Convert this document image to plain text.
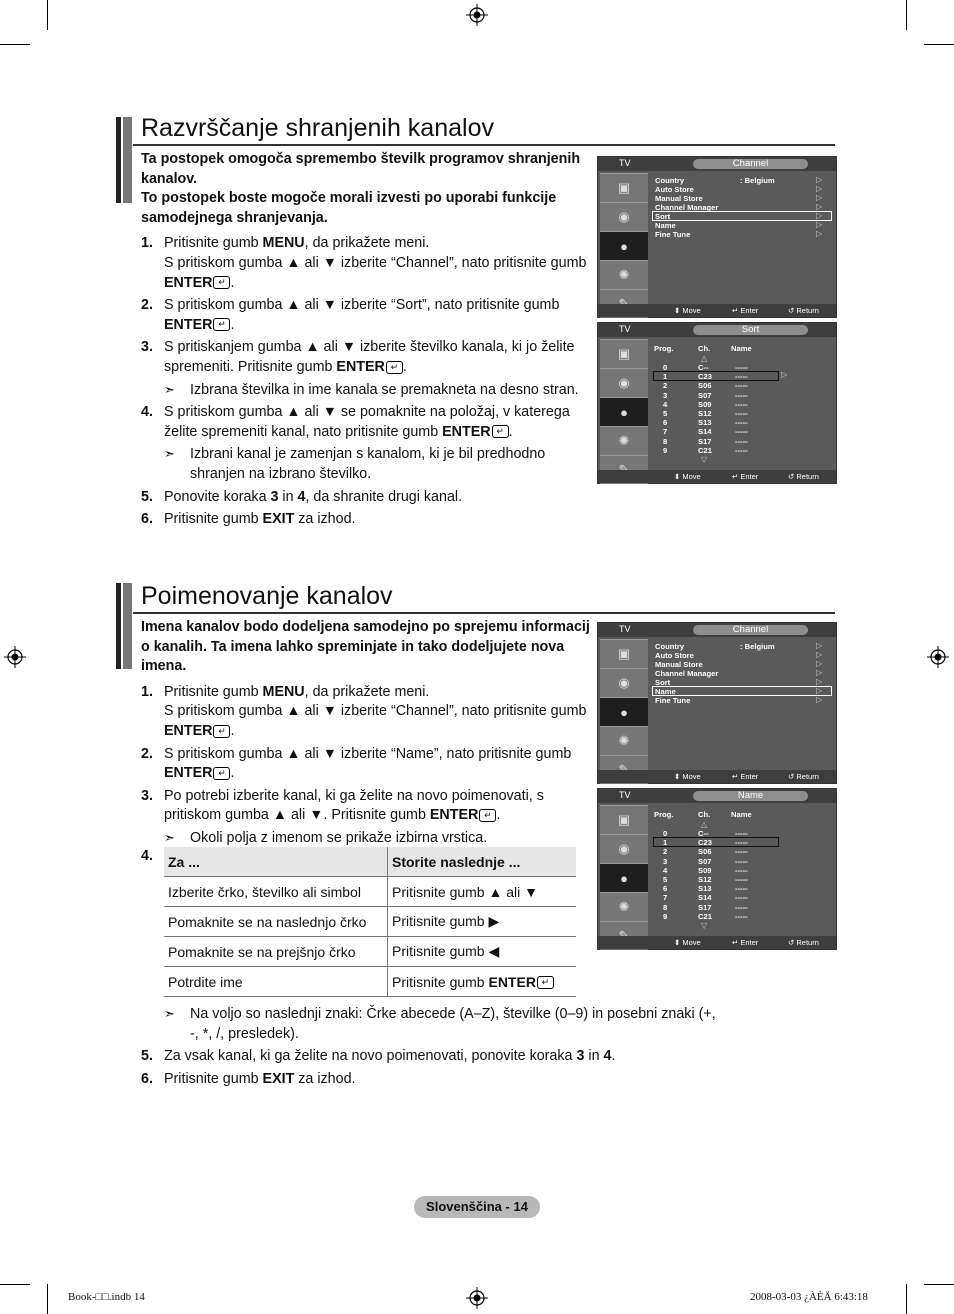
Razvrščanje shranjenih kanalov

Ta postopek omogoča spremembo številk programov shranjenih kanalov.

To postopek boste mogoče morali izvesti po uporabi funkcije samodejnega shranjevanja.

1. Pritisnite gumb MENU, da prikažete meni.
S pritiskom gumba ▲ ali ▼ izberite “Channel”, nato pritisnite gumb ENTER ↵ .
2. S pritiskom gumba ▲ ali ▼ izberite “Sort”, nato pritisnite gumb ENTER ↵ .
3. S pritiskanjem gumba ▲ ali ▼ izberite številko kanala, ki jo želite spremeniti. Pritisnite gumb ENTER ↵ .
➣ Izbrana številka in ime kanala se premakneta na desno stran.
4. S pritiskom gumba ▲ ali ▼ se pomaknite na položaj, v katerega želite spremeniti kanal, nato pritisnite gumb ENTER ↵ .
➣ Izbrani kanal je zamenjan s kanalom, ki je bil predhodno shranjen na izbrano številko.
5. Ponovite koraka 3 in 4, da shranite drugi kanal.
6. Pritisnite gumb EXIT za izhod.
Poimenovanje kanalov

Imena kanalov bodo dodeljena samodejno po sprejemu informacij o kanalih. Ta imena lahko spreminjate in tako dodeljujete nova imena.

1. Pritisnite gumb MENU, da prikažete meni.
S pritiskom gumba ▲ ali ▼ izberite “Channel”, nato pritisnite gumb ENTER ↵ .
2. S pritiskom gumba ▲ ali ▼ izberite “Name”, nato pritisnite gumb ENTER ↵ .
3. Po potrebi izberite kanal, ki ga želite na novo poimenovati, s pritiskom gumba ▲ ali ▼. Pritisnite gumb ENTER ↵ .
➣ Okoli polja z imenom se prikaže izbirna vrstica.
4. Za ...	Storite naslednje ...
Izberite črko, številko ali simbol	Pritisnite gumb ▲ ali ▼
Pomaknite se na naslednjo črko	Pritisnite gumb ▶
Pomaknite se na prejšnjo črko	Pritisnite gumb ◀
Potrdite ime	Pritisnite gumb ENTER ↵
➣ Na voljo so naslednji znaki: Črke abecede (A–Z), številke (0–9) in posebni znaki (+, -, *, /, presledek).
5. Za vsak kanal, ki ga želite na novo poimenovati, ponovite koraka 3 in 4.
6. Pritisnite gumb EXIT za izhod.
TV	Channel
▣
◉
●
✺
⬍ Move	↵ Enter	↺ Return
Country	▷
Auto Store	▷
Manual Store	▷
Channel Manager	▷
Sort	▷
Name	▷
Fine Tune	▷
: Belgium
TV	Sort
▣
◉
●
✺
⬍ Move	↵ Enter	↺ Return
Prog.	Ch.	Name
△
0	C--	-----
1	C23	-----
2	S06	-----
3	S07	-----
4	S09	-----
5	S12	-----
6	S13	-----
7	S14	-----
8	S17	-----
9	C21	-----
▽
▷
TV	Channel
▣
◉
●
✺
⬍ Move	↵ Enter	↺ Return
Country	▷
Auto Store	▷
Manual Store	▷
Channel Manager	▷
Sort	▷
Name	▷
Fine Tune	▷
: Belgium
TV	Name
▣
◉
●
✺
⬍ Move	↵ Enter	↺ Return
Prog.	Ch.	Name
△
0	C--	-----
1	C23	-----
2	S06	-----
3	S07	-----
4	S09	-----
5	S12	-----
6	S13	-----
7	S14	-----
8	S17	-----
9	C21	-----
▽
Slovenščina - 14
Book-□□.indb 14	2008-03-03 ¿ÀÈÄ 6:43:18
